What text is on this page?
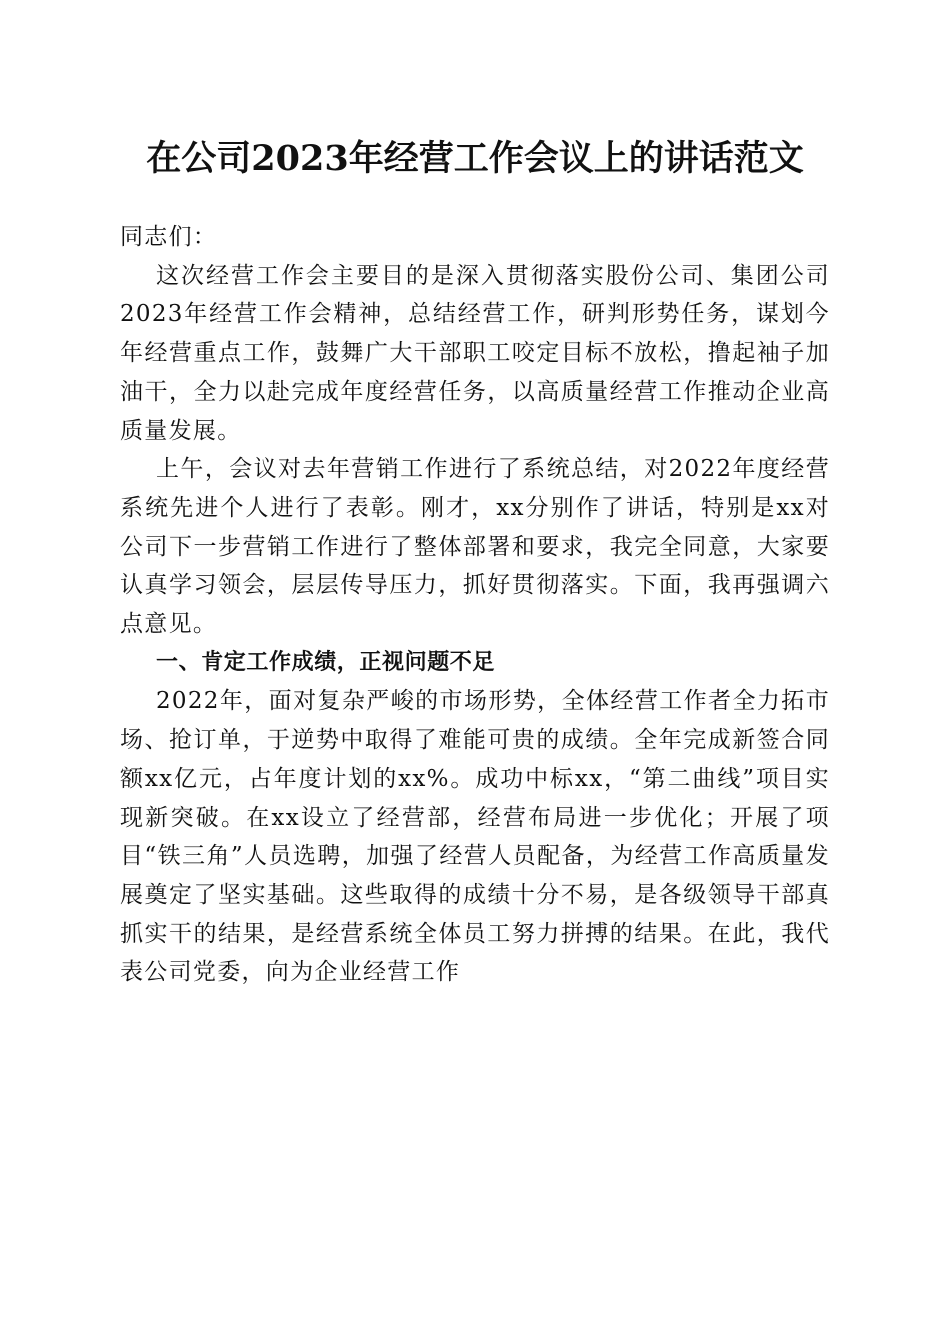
在公司2023年经营工作会议上的讲话范文

同志们：

这次经营工作会主要目的是深入贯彻落实股份公司、集团公司2023年经营工作会精神，总结经营工作，研判形势任务，谋划今年经营重点工作，鼓舞广大干部职工咬定目标不放松，撸起袖子加油干，全力以赴完成年度经营任务，以高质量经营工作推动企业高质量发展。

上午，会议对去年营销工作进行了系统总结，对2022年度经营系统先进个人进行了表彰。刚才，xx分别作了讲话，特别是xx对公司下一步营销工作进行了整体部署和要求，我完全同意，大家要认真学习领会，层层传导压力，抓好贯彻落实。下面，我再强调六点意见。

一、肯定工作成绩，正视问题不足

2022年，面对复杂严峻的市场形势，全体经营工作者全力拓市场、抢订单，于逆势中取得了难能可贵的成绩。全年完成新签合同额xx亿元，占年度计划的xx%。成功中标xx，“第二曲线”项目实现新突破。在xx设立了经营部，经营布局进一步优化；开展了项目“铁三角”人员选聘，加强了经营人员配备，为经营工作高质量发展奠定了坚实基础。这些取得的成绩十分不易，是各级领导干部真抓实干的结果，是经营系统全体员工努力拼搏的结果。在此，我代表公司党委，向为企业经营工作
